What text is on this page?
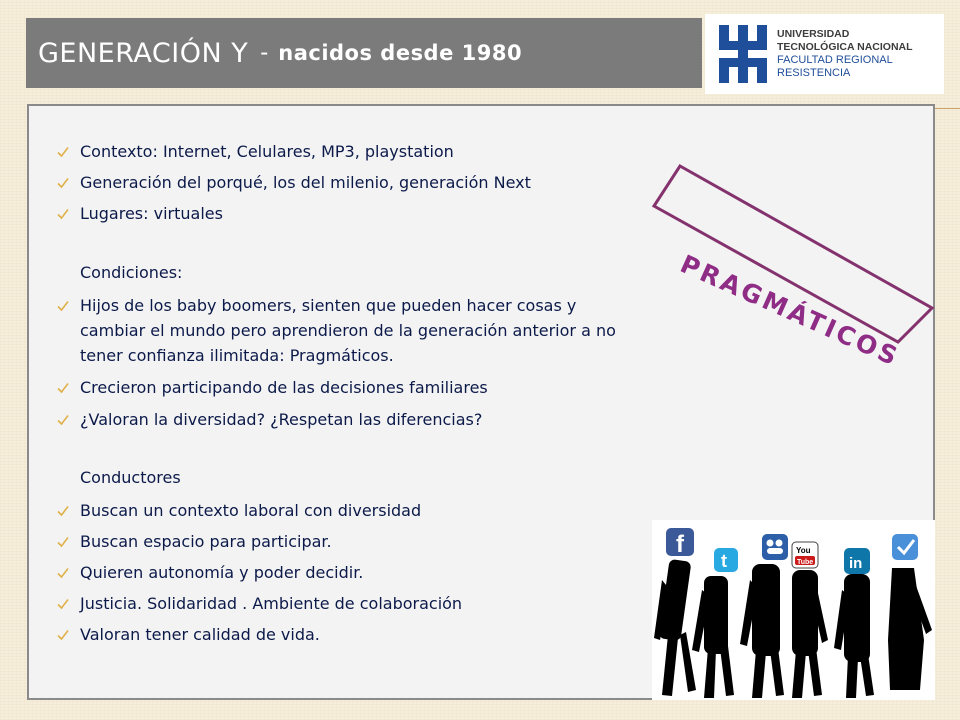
GENERACIÓN Y - nacidos desde 1980
UNIVERSIDAD
TECNOLÓGICA NACIONAL
FACULTAD REGIONAL
RESISTENCIA
Contexto: Internet, Celulares, MP3, playstation
Generación del porqué, los del milenio, generación Next
Lugares: virtuales
Condiciones:
Hijos de los baby boomers, sienten que pueden hacer cosas y
cambiar el mundo pero aprendieron de la generación anterior a no
tener confianza ilimitada: Pragmáticos.
Crecieron participando de las decisiones familiares
¿Valoran la diversidad? ¿Respetan las diferencias?
Conductores
Buscan un contexto laboral con diversidad
Buscan espacio para participar.
Quieren autonomía y poder decidir.
Justicia. Solidaridad . Ambiente de colaboración
Valoran tener calidad de vida.
PRAGMÁTICOS
f
t
You
Tube in
